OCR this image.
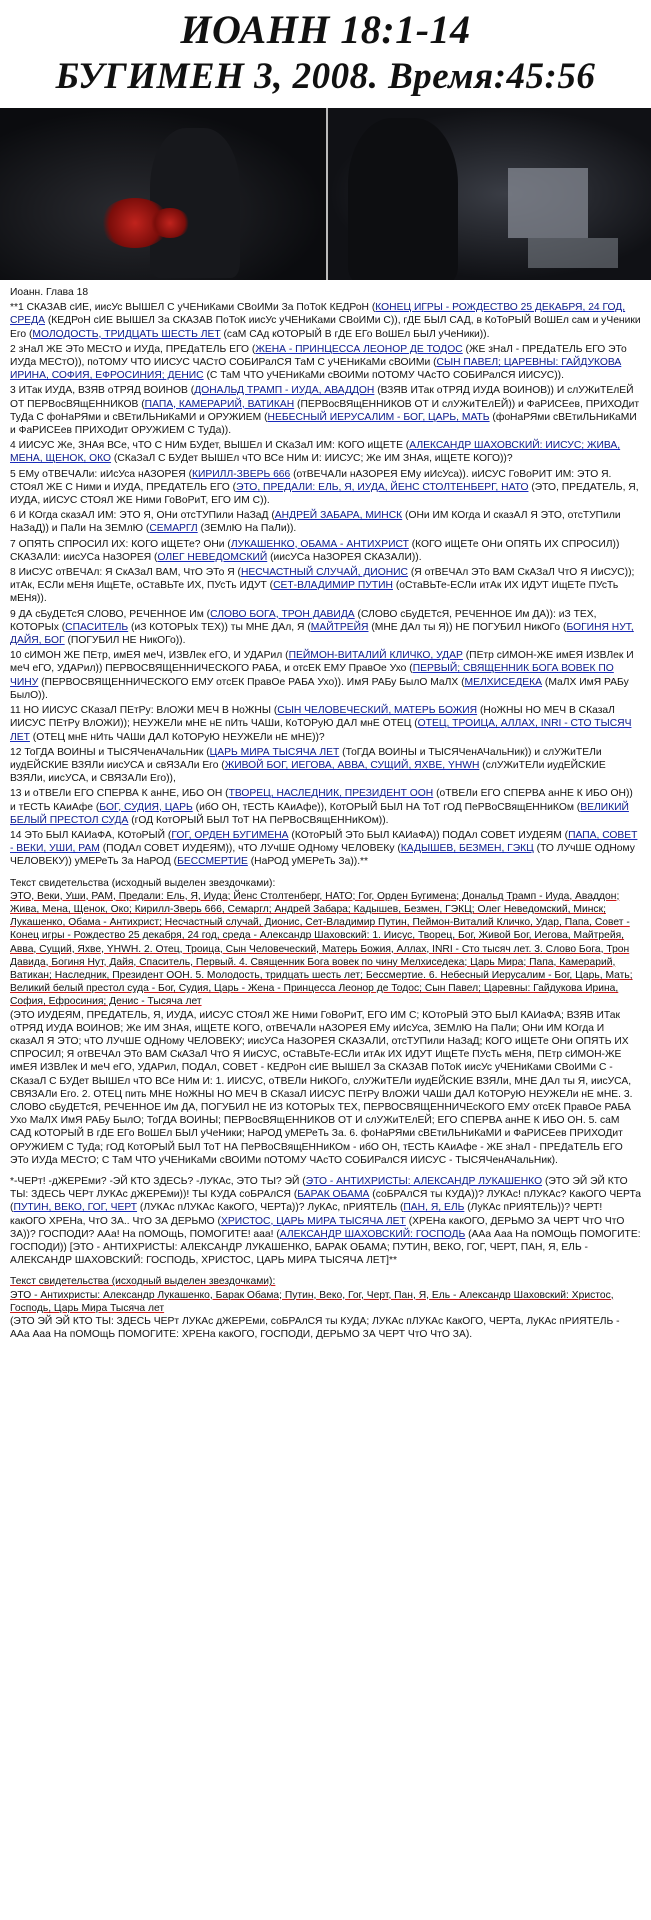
ИОАНН 18:1-14
БУГИМЕН 3, 2008. Время:45:56

Иоанн. Глава 18

**1 СКАЗАВ сИЕ, иисУс ВЫШЕЛ С уЧЕНиКами СВоИМи За ПоТоК КЕДРоН (КОНЕЦ ИГРЫ - РОЖДЕСТВО 25 ДЕКАБРЯ, 24 ГОД, СРЕДА (КЕДРоН сИЕ ВЫШЕЛ За СКАЗАВ ПоТоК иисУс уЧЕНиКами СВоИМи С)), гДЕ БЫЛ САД, в КоТоРЫЙ ВоШЕл сам и уЧеники Его (МОЛОДОСТЬ, ТРИДЦАТЬ ШЕСТЬ ЛЕТ (саМ САд кОТОРЫЙ В гДЕ ЕГо ВоШЕл БЫЛ уЧеНики)).

2 зНаЛ ЖЕ ЭТо МЕСтО и ИУДа, ПРЕДаТЕЛЬ ЕГО (ЖЕНА - ПРИНЦЕССА ЛЕОНОР ДЕ ТОДОС (ЖЕ зНаЛ - ПРЕДаТЕЛЬ ЕГО ЭТо ИУДа МЕСтО)), поТОМУ ЧТО ИИСУС ЧАСтО СОБИРалСЯ ТаМ С уЧЕНиКаМи сВОИМи (СЫН ПАВЕЛ; ЦАРЕВНЫ: ГАЙДУКОВА ИРИНА, СОФИЯ, ЕФРОСИНИЯ; ДЕНИС (С ТаМ ЧТО уЧЕНиКаМи сВОИМи пОТОМУ ЧАсТО СОБИРалСЯ ИИСУС)).

3 ИТак ИУДА, ВЗЯВ оТРЯД ВОИНОВ (ДОНАЛЬД ТРАМП - ИУДА, АВАДДОН (ВЗЯВ ИТак оТРЯД ИУДА ВОИНОВ)) И слУЖиТЕлЕЙ ОТ ПЕРВосВЯщЕННИКОВ (ПАПА, КАМЕРАРИЙ, ВАТИКАН (ПЕРВосВЯщЕННИКОВ ОТ И слУЖиТЕлЕЙ)) и ФаРИСЕев, ПРИХОДит ТуДа С фоНаРЯми и сВЕтиЛЬНиКаМИ и ОРУЖИЕМ (НЕБЕСНЫЙ ИЕРУСАЛИМ - БОГ, ЦАРЬ, МАТЬ (фоНаРЯми сВЕтиЛЬНиКаМИ и ФаРИСЕев ПРИХОДит ОРУЖИЕМ С ТуДа)).

4 ИИСУС Же, ЗНАя ВСе, чТО С НИм БУДет, ВЫШЕл И СКаЗаЛ ИМ: КОГО иЩЕТЕ (АЛЕКСАНДР ШАХОВСКИЙ: ИИСУС; ЖИВА, МЕНА, ЩЕНОК, ОКО (СКаЗаЛ С БУДет ВЫШЕл чТО ВСе НИм И: ИИСУС; Же ИМ ЗНАя, иЩЕТЕ КОГО))?

5 ЕМу оТВЕЧАЛи: иИсУса нАЗОРЕЯ (КИРИЛЛ-ЗВЕРЬ 666 (отВЕЧАЛи нАЗОРЕЯ ЕМу иИсУса)). иИСУС ГоВоРИТ ИМ: ЭТО Я. СТОяЛ ЖЕ С Ними и ИУДА, ПРЕДАТЕЛЬ ЕГО (ЭТО, ПРЕДАЛИ: ЕЛЬ, Я, ИУДА, ЙЕНС СТОЛТЕНБЕРГ, НАТО (ЭТО, ПРЕДАТЕЛЬ, Я, ИУДА, иИСУС СТОяЛ ЖЕ Ними ГоВоРиТ, ЕГО ИМ С)).

6 И КОгда сказАЛ ИМ: ЭТО Я, ОНи отсТУПили НаЗаД (АНДРЕЙ ЗАБАРА, МИНСК (ОНи ИМ КОгда И сказАЛ Я ЭТО, отсТУПили НаЗаД)) и ПаЛи На ЗЕМлЮ (СЕМАРГЛ (ЗЕМлЮ На ПаЛи)).

7 ОПЯТЬ СПРОСИЛ ИХ: КОГО иЩЕТе? ОНи (ЛУКАШЕНКО, ОБАМА - АНТИХРИСТ (КОГО иЩЕТе ОНи ОПЯТЬ ИХ СПРОСИЛ)) СКАЗАЛИ: иисУСа НаЗОРЕЯ (ОЛЕГ НЕВЕДОМСКИЙ (иисУСа НаЗОРЕЯ СКАЗАЛИ)).

8 ИиСУС отВЕЧАл: Я СкАЗаЛ ВАМ, ЧтО ЭТо Я (НЕСЧАСТНЫЙ СЛУЧАЙ, ДИОНИС (Я отВЕЧАл ЭТо ВАМ СкАЗаЛ ЧтО Я ИиСУС)); итАк, ЕСЛи мЕНя ИщЕТе, оСтаВЬТе ИХ, ПУсТь ИДУТ (СЕТ-ВЛАДИМИР ПУТИН (оСтаВЬТе-ЕСЛи итАк ИХ ИДУТ ИщЕТе ПУсТь мЕНя)).

9 ДА сБуДЕТсЯ СЛОВО, РЕЧЕННОЕ Им (СЛОВО БОГА, ТРОН ДАВИДА (СЛОВО сБуДЕТсЯ, РЕЧЕННОЕ Им ДА)): иЗ ТЕХ, КОТОРЫх (СПАСИТЕЛЬ (иЗ КОТОРЫх ТЕХ)) ты МНЕ ДАл, Я (МАЙТРЕЙЯ (МНЕ ДАл ты Я)) НЕ ПОГУБИЛ НикОГо (БОГИНЯ НУТ, ДАЙЯ, БОГ (ПОГУБИЛ НЕ НикОГо)).

10 сИМОН ЖЕ ПЕтр, имЕЯ меЧ, ИЗВЛек еГО, И УДАРил (ПЕЙМОН-ВИТАЛИЙ КЛИЧКО, УДАР (ПЕтр сИМОН-ЖЕ имЕЯ ИЗВЛек И меЧ еГО, УДАРил)) ПЕРВОСВЯЩЕННИЧЕСКОГО РАБА, и отсЕК ЕМУ ПравОе Ухо (ПЕРВЫЙ; СВЯЩЕННИК БОГА ВОВЕК ПО ЧИНУ (ПЕРВОСВЯЩЕННИЧЕСКОГО ЕМУ отсЕК ПравОе РАБА Ухо)). ИмЯ РАБу БылО МаЛХ (МЕЛХИСЕДЕКА (МаЛХ ИмЯ РАБу БылО)).

11 НО ИИСУС СКазаЛ ПЕтРу: ВлОЖИ МЕЧ В НоЖНЫ (СЫН ЧЕЛОВЕЧЕСКИЙ, МАТЕРЬ БОЖИЯ (НоЖНЫ НО МЕЧ В СКазаЛ ИИСУС ПЕтРу ВлОЖИ)); НЕУЖЕЛи мНЕ нЕ пИть ЧАШи, КоТОРуЮ ДАЛ мнЕ ОТЕЦ (ОТЕЦ, ТРОИЦА, АЛЛАХ, INRI - СТО ТЫСЯЧ ЛЕТ (ОТЕЦ мнЕ нИть ЧАШи ДАЛ КоТОРуЮ НЕУЖЕЛи нЕ мНЕ))?

12 ТоГДА ВОИНЫ и ТЫСЯЧенАЧальНик (ЦАРЬ МИРА ТЫСЯЧА ЛЕТ (ТоГДА ВОИНЫ и ТЫСЯЧенАЧальНик)) и слУЖиТЕЛи иудЕЙСКИЕ ВЗЯЛи иисУСА и свЯЗАЛи Его (ЖИВОЙ БОГ, ИЕГОВА, АВВА, СУЩИЙ, ЯХВЕ, YHWH (слУЖиТЕЛи иудЕЙСКИЕ ВЗЯЛи, иисУСА, и СВЯЗАЛи Его)),

13 и оТВЕЛи ЕГО СПЕРВА К анНЕ, ИБО ОН (ТВОРЕЦ, НАСЛЕДНИК, ПРЕЗИДЕНТ ООН (оТВЕЛи ЕГО СПЕРВА анНЕ К ИБО ОН)) и тЕСТЬ КАиАфе (БОГ, СУДИЯ, ЦАРЬ (ибО ОН, тЕСТЬ КАиАфе)), КотОРЫЙ БЫЛ НА ТоТ гОД ПеРВоСВящЕННиКОм (ВЕЛИКИЙ БЕЛЫЙ ПРЕСТОЛ СУДА (гОД КотОРЫЙ БЫЛ ТоТ НА ПеРВоСВящЕННиКОм)).

14 ЭТо БЫЛ КАИаФА, КОтоРЫЙ (ГОГ, ОРДЕН БУГИМЕНА (КОтоРЫЙ ЭТо БЫЛ КАИаФА)) ПОДАл СОВЕТ ИУДЕЯМ (ПАПА, СОВЕТ - ВЕКИ, УШИ, РАМ (ПОДАл СОВЕТ ИУДЕЯМ)), чТО ЛУчШЕ ОДНому ЧЕЛОВЕКу (КАДЫШЕВ, БЕЗМЕН, ГЭКЦ (ТО ЛУчШЕ ОДНому ЧЕЛОВЕКУ)) уМЕРеТь За НаРОД (БЕССМЕРТИЕ (НаРОД уМЕРеТь За)).**

Текст свидетельства (исходный выделен звездочками):
ЭТО, Веки, Уши, РАМ, Предали: Ель, Я, Иуда; Йенс Столтенберг, НАТО; Гог, Орден Бугимена; Дональд Трамп - Иуда, Аваддон; Жива, Мена, Щенок, Око; Кирилл-Зверь 666, Семаргл; Андрей Забара; Кадышев, Безмен, ГЭКЦ; Олег Неведомский, Минск; Лукашенко, Обама - Антихрист; Несчастный случай, Дионис, Сет-Владимир Путин, Пеймон-Виталий Кличко, Удар, Папа, Совет - Конец игры - Рождество 25 декабря, 24 год, среда - Александр Шаховский: 1. Иисус, Творец, Бог, Живой Бог, Иегова, Майтрейя, Авва, Сущий, Яхве, YHWH. 2. Отец, Троица, Сын Человеческий, Матерь Божия, Аллах, INRI - Сто тысяч лет. 3. Слово Бога, Трон Давида, Богиня Нут, Дайя, Спаситель, Первый. 4. Священник Бога вовек по чину Мелхиседека; Царь Мира; Папа, Камерарий, Ватикан; Наследник, Президент ООН. 5. Молодость, тридцать шесть лет; Бессмертие. 6. Небесный Иерусалим - Бог, Царь, Мать; Великий белый престол суда - Бог, Судия, Царь - Жена - Принцесса Леонор де Тодос; Сын Павел; Царевны: Гайдукова Ирина, София, Ефросиния; Денис - Тысяча лет
(ЭТО ИУДЕЯМ, ПРЕДАТЕЛЬ, Я, ИУДА, иИСУС СТОяЛ ЖЕ Ними ГоВоРиТ, ЕГО ИМ С; КОтоРЫй ЭТО БЫЛ КАИаФА; ВЗЯВ ИТак оТРЯД ИУДА ВОИНОВ; Же ИМ ЗНАя, иЩЕТЕ КОГО, отВЕЧАЛи нАЗОРЕЯ ЕМу иИсУса, ЗЕМлЮ На ПаЛи; ОНи ИМ КОгда И сказАЛ Я ЭТО; чТО ЛУчШЕ ОДНому ЧЕЛОВЕКУ; иисУСа НаЗОРЕЯ СКАЗАЛИ, отсТУПили НаЗаД; КОГО иЩЕТе ОНи ОПЯТЬ ИХ СПРОСИЛ; Я отВЕЧАл ЭТо ВАМ СкАЗаЛ ЧтО Я ИиСУС, оСтаВЬТе-ЕСЛи итАк ИХ ИДУТ ИщЕТе ПУсТь мЕНя, ПЕтр сИМОН-ЖЕ имЕЯ ИЗВЛек И меЧ еГО, УДАРил, ПОДАл, СОВЕТ - КЕДРоН сИЕ ВЫШЕЛ За СКАЗАВ ПоТоК иисУс уЧЕНиКами СВоИМи С - СКазаЛ С БУДет ВЫШЕл чТО ВСе НИм И: 1. ИИСУС, оТВЕЛи НиКОГо, слУЖиТЕЛи иудЕЙСКИЕ ВЗЯЛи, МНЕ ДАл ты Я, иисУСА, СВЯЗАЛи Его. 2. ОТЕЦ пить МНЕ НоЖНЫ НО МЕЧ В СКазаЛ ИИСУС ПЕтРу ВлОЖИ ЧАШи ДАЛ КоТОРуЮ НЕУЖЕЛи нЕ мНЕ. 3. СЛОВО сБуДЕТсЯ, РЕЧЕННОЕ Им ДА, ПОГУБИЛ НЕ ИЗ КОТОРЫх ТЕХ, ПЕРВОСВЯЩЕННИЧЕсКОГО ЕМУ отсЕК ПравОе РАБА Ухо МаЛХ ИмЯ РАБу БылО; ТоГДА ВОИНЫ; ПЕРВосВЯщЕННИКОВ ОТ И слУЖиТЕлЕЙ; ЕГО СПЕРВА анНЕ К ИБО ОН. 5. саМ САД кОТОРЫЙ В гДЕ ЕГо ВоШЕл БЫЛ уЧеНики; НаРОД уМЕРеТь За. 6. фоНаРЯми сВЕтиЛЬНиКаМИ и ФаРИСЕев ПРИХОДит ОРУЖИЕМ С ТуДа; гОД КотОРЫЙ БЫЛ ТоТ НА ПеРВоСВящЕННиКОм - ибО ОН, тЕСТЬ КАиАфе - ЖЕ зНаЛ - ПРЕДаТЕЛЬ ЕГО ЭТо ИУДа МЕСтО; С ТаМ ЧТО уЧЕНиКаМи сВОИМи пОТОМУ ЧАсТО СОБИРалСЯ ИИСУС - ТЫСЯЧенАЧальНик).

*-ЧЕРт! -дЖЕРЕми? -ЭЙ КТО ЗДЕСЬ? -ЛУКАс, ЭТО ТЫ? ЭЙ (ЭТО - АНТИХРИСТЫ: АЛЕКСАНДР ЛУКАШЕНКО (ЭТО ЭЙ ЭЙ КТО ТЫ: ЗДЕСЬ ЧЕРт ЛУКАс дЖЕРЕми))! ТЫ КУДА соБРАлСЯ (БАРАК ОБАМА (соБРАлСЯ ты КУДА))? ЛУКАс! пЛУКАс? КакОГО ЧЕРТа (ПУТИН, ВЕКО, ГОГ, ЧЕРТ (ЛУКАс пЛУКАс КакОГО, ЧЕРТа))? ЛуКАс, пРИЯТЕЛЬ (ПАН, Я, ЕЛЬ (ЛуКАс пРИЯТЕЛЬ))? ЧЕРТ! какОГО ХРЕНа, ЧтО ЗА.. ЧтО ЗА ДЕРЬМО (ХРИСТОС, ЦАРЬ МИРА ТЫСЯЧА ЛЕТ (ХРЕНа какОГО, ДЕРЬМО ЗА ЧЕРТ ЧтО ЧтО ЗА))? ГОСПОДИ? ААа! На пОМОщЬ, ПОМОГИТЕ! ааа! (АЛЕКСАНДР ШАХОВСКИЙ: ГОСПОДЬ (ААа Ааа На пОМОщЬ ПОМОГИТЕ: ГОСПОДИ)) [ЭТО - АНТИХРИСТЫ: АЛЕКСАНДР ЛУКАШЕНКО, БАРАК ОБАМА; ПУТИН, ВЕКО, ГОГ, ЧЕРТ, ПАН, Я, ЕЛЬ - АЛЕКСАНДР ШАХОВСКИЙ: ГОСПОДЬ, ХРИСТОС, ЦАРЬ МИРА ТЫСЯЧА ЛЕТ]**

Текст свидетельства (исходный выделен звездочками):
ЭТО - Антихристы: Александр Лукашенко, Барак Обама; Путин, Веко, Гог, Черт, Пан, Я, Ель - Александр Шаховский: Христос, Господь, Царь Мира Тысяча лет
(ЭТО ЭЙ ЭЙ КТО ТЫ: ЗДЕСЬ ЧЕРт ЛУКАс дЖЕРЕми, соБРАлСЯ ты КУДА; ЛУКАс пЛУКАс КакОГО, ЧЕРТа, ЛуКАс пРИЯТЕЛЬ - ААа Ааа На пОМОщЬ ПОМОГИТЕ: ХРЕНа какОГО, ГОСПОДИ, ДЕРЬМО ЗА ЧЕРТ ЧтО ЧтО ЗА).
